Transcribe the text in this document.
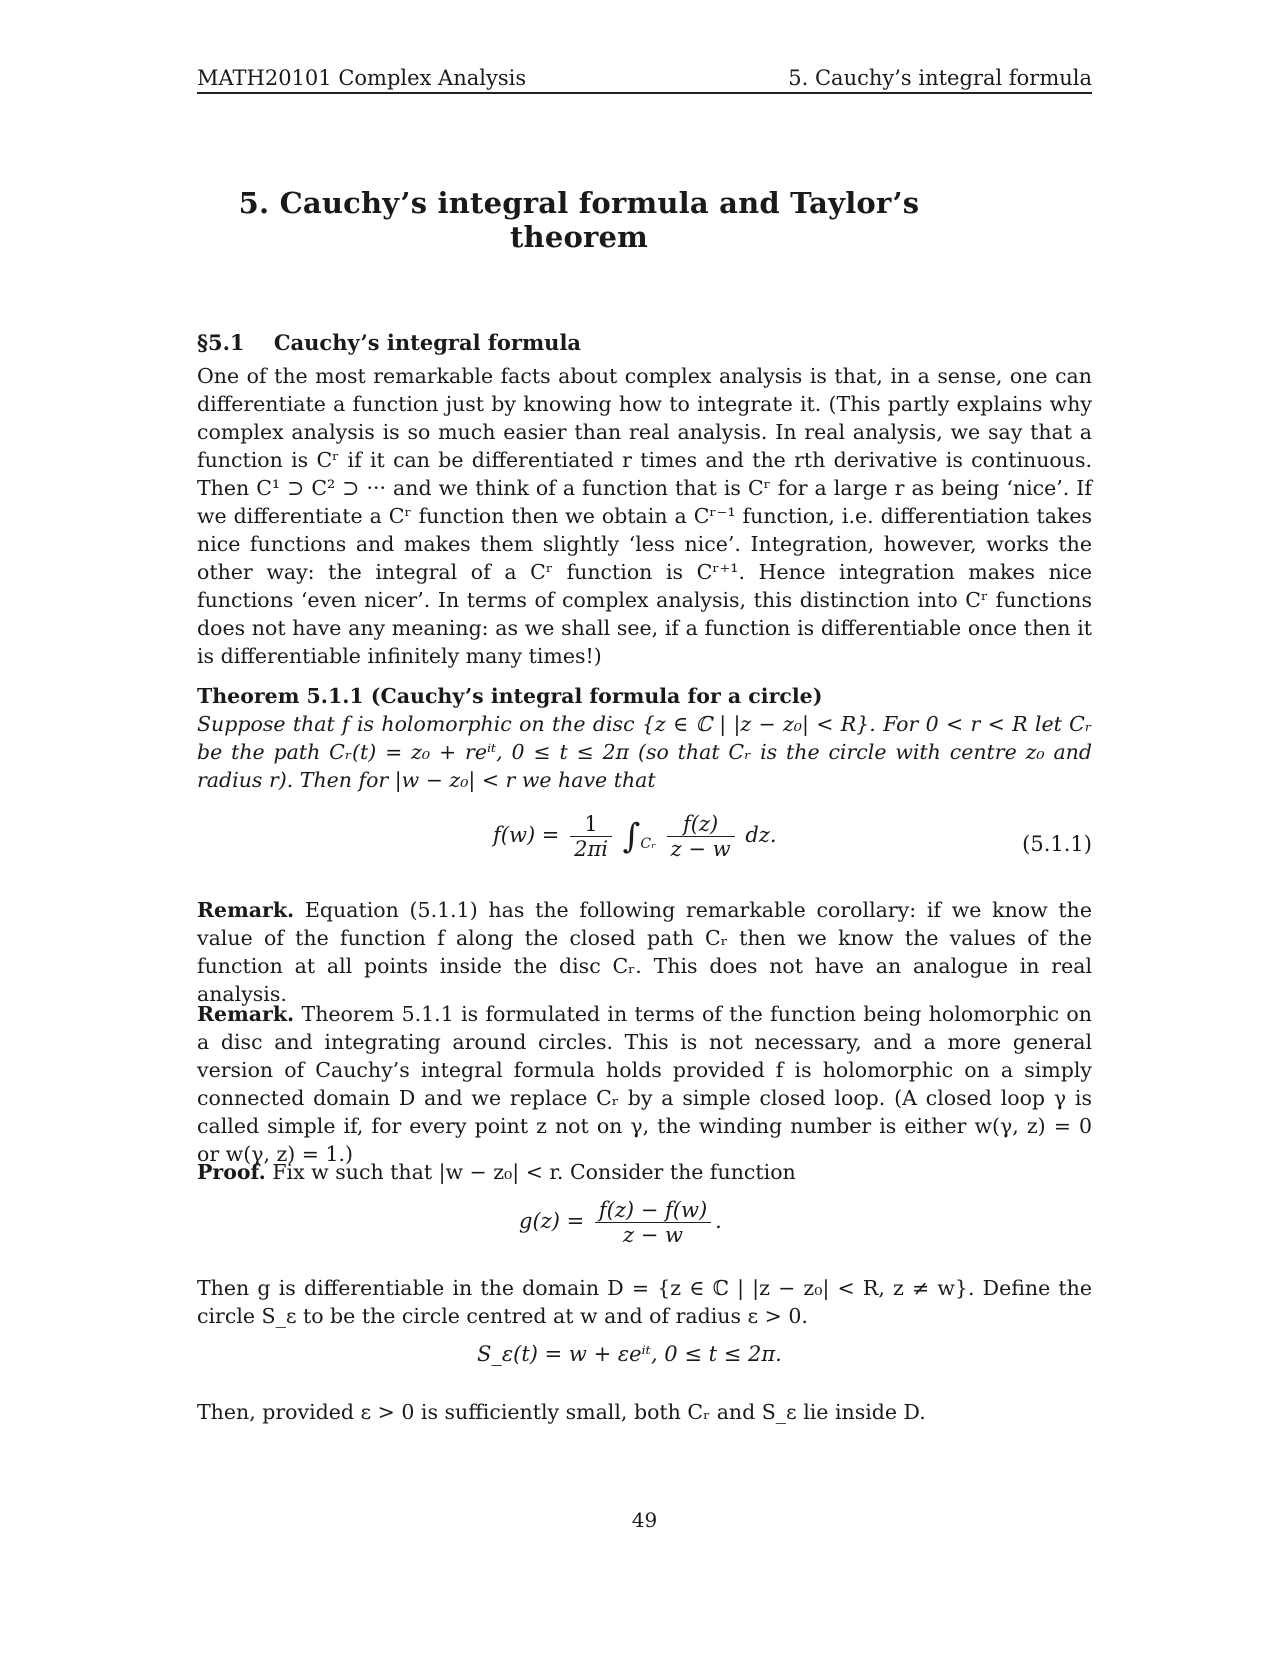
MATH20101 Complex Analysis	5. Cauchy’s integral formula
5. Cauchy’s integral formula and Taylor’s theorem
§5.1 Cauchy’s integral formula
One of the most remarkable facts about complex analysis is that, in a sense, one can differentiate a function just by knowing how to integrate it. (This partly explains why complex analysis is so much easier than real analysis. In real analysis, we say that a function is Cʳ if it can be differentiated r times and the rth derivative is continuous. Then C¹ ⊃ C² ⊃ ··· and we think of a function that is Cʳ for a large r as being ‘nice’. If we differentiate a Cʳ function then we obtain a Cʳ⁻¹ function, i.e. differentiation takes nice functions and makes them slightly ‘less nice’. Integration, however, works the other way: the integral of a Cʳ function is Cʳ⁺¹. Hence integration makes nice functions ‘even nicer’. In terms of complex analysis, this distinction into Cʳ functions does not have any meaning: as we shall see, if a function is differentiable once then it is differentiable infinitely many times!)
Theorem 5.1.1 (Cauchy’s integral formula for a circle)
Suppose that f is holomorphic on the disc {z ∈ ℂ | |z − z₀| < R}. For 0 < r < R let Cᵣ be the path Cᵣ(t) = z₀ + reⁱᵗ, 0 ≤ t ≤ 2π (so that Cᵣ is the circle with centre z₀ and radius r). Then for |w − z₀| < r we have that
$f(w) = \frac{1}{2\pi i} \int_{Cᵣ} \frac{f(z)}{z - w}$ dz.	(5.1.1)
Remark. Equation (5.1.1) has the following remarkable corollary: if we know the value of the function f along the closed path Cᵣ then we know the values of the function at all points inside the disc Cᵣ. This does not have an analogue in real analysis.
Remark. Theorem 5.1.1 is formulated in terms of the function being holomorphic on a disc and integrating around circles. This is not necessary, and a more general version of Cauchy’s integral formula holds provided f is holomorphic on a simply connected domain D and we replace Cᵣ by a simple closed loop. (A closed loop γ is called simple if, for every point z not on γ, the winding number is either w(γ, z) = 0 or w(γ, z) = 1.)
Proof. Fix w such that |w − z₀| < r. Consider the function
$g(z) = \frac{f(z) - f(w)}{z - w}$ .
Then g is differentiable in the domain D = {z ∈ ℂ | |z − z₀| < R, z ≠ w}. Define the circle S_ε to be the circle centred at w and of radius ε > 0.
S_ε(t) = w + εeⁱᵗ, 0 ≤ t ≤ 2π.
Then, provided ε > 0 is sufficiently small, both Cᵣ and S_ε lie inside D.
49
